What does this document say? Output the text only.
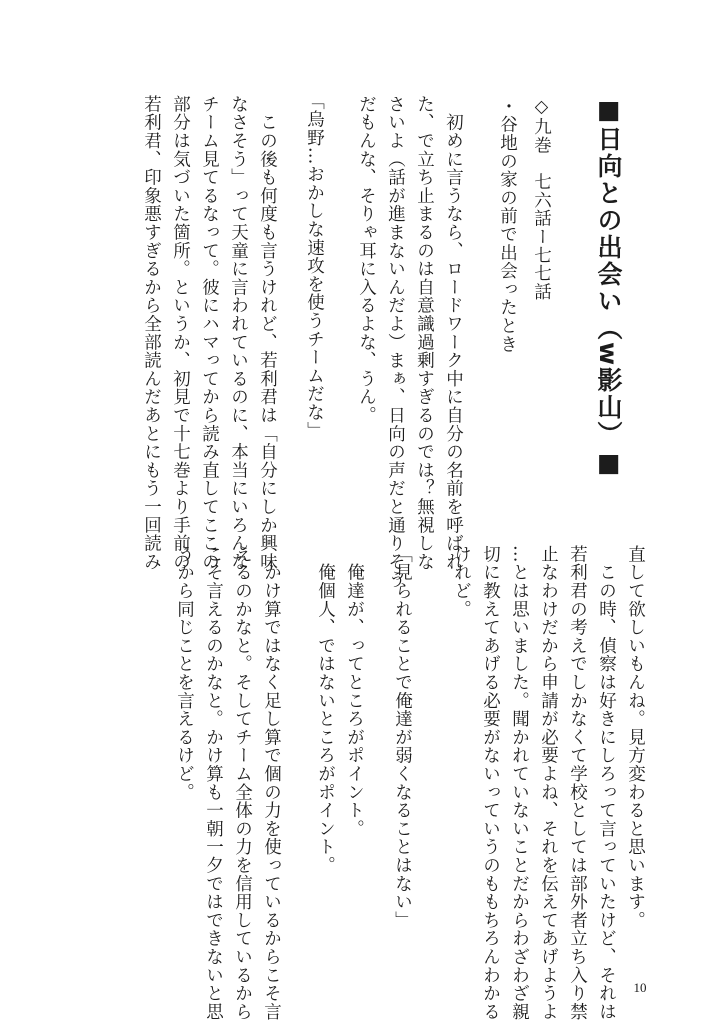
■日向との出会い（w影山）■

◇九巻　七六話ー七七話

・谷地の家の前で出会ったとき

　初めに言うなら、ロードワーク中に自分の名前を呼ばれ

た、で立ち止まるのは自意識過剰すぎるのでは？無視しな

さいよ（話が進まないんだよ）まぁ、日向の声だと通りそう

だもんな、そりゃ耳に入るよな、うん。

「烏野…おかしな速攻を使うチームだな」

　この後も何度も言うけれど、若利君は「自分にしか興味

なさそう」って天童に言われているのに、本当にいろんな

チーム見てるなって。彼にハマってから読み直してここの

部分は気づいた箇所。というか、初見で十七巻より手前の

若利君、印象悪すぎるから全部読んだあとにもう一回読み

直して欲しいもんね。見方変わると思います。

　この時、偵察は好きにしろって言っていたけど、それは

若利君の考えでしかなくて学校としては部外者立ち入り禁

止なわけだから申請が必要よね、それを伝えてあげようよ

…とは思いました。聞かれていないことだからわざわざ親

切に教えてあげる必要がないっていうのももちろんわかる

けれど。

「見られることで俺達が弱くなることはない」

　俺達が、ってところがポイント。

　俺個人、ではないところがポイント。

　かけ算ではなく足し算で個の力を使っているからこそ言

えるのかなと。そしてチーム全体の力を信用しているから

こそ言えるのかなと。かけ算も一朝一夕ではできないと思

うから同じことを言えるけど。

10
